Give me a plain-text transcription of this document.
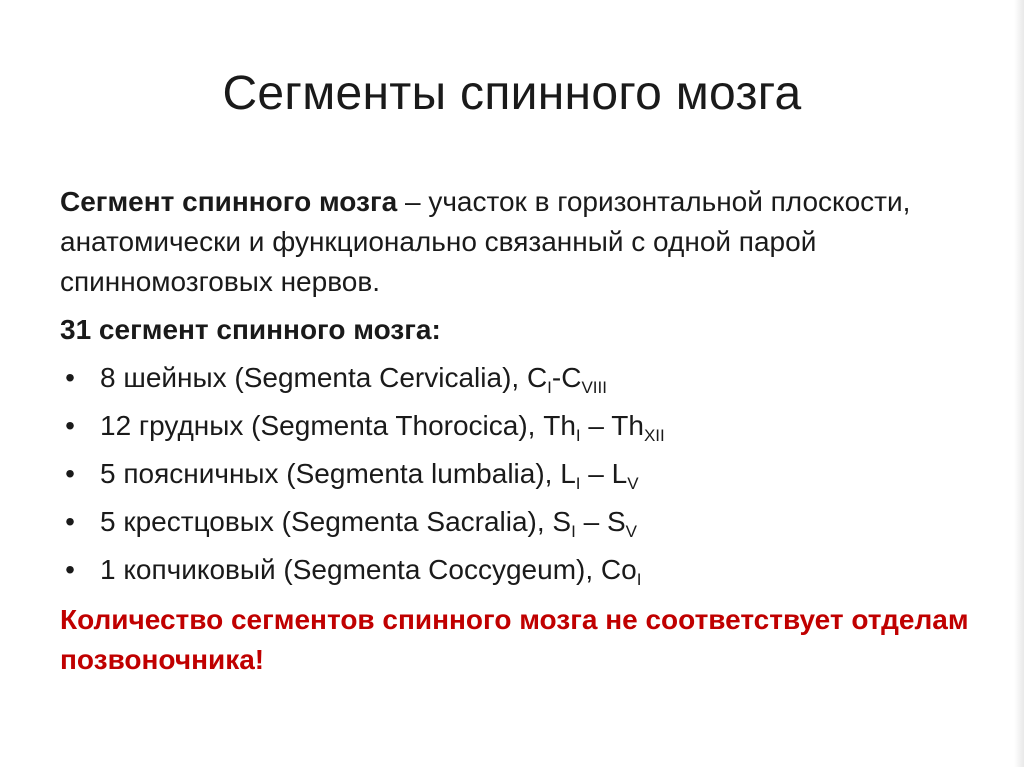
Сегменты спинного мозга

Сегмент спинного мозга – участок в горизонтальной плоскости, анатомически и функционально связанный с одной парой спинномозговых нервов.

31 сегмент спинного мозга:

• 8 шейных (Segmenta Cervicalia), $C_I-C_{VIII}$
• 12 грудных (Segmenta Thorocica), $Th_I - Th_{XII}$
• 5 поясничных (Segmenta lumbalia), $L_I - L_V$
• 5 крестцовых (Segmenta Sacralia), $S_I - S_V$
• 1 копчиковый (Segmenta Coccygeum), $Co_I$

Количество сегментов спинного мозга не соответствует отделам позвоночника!
